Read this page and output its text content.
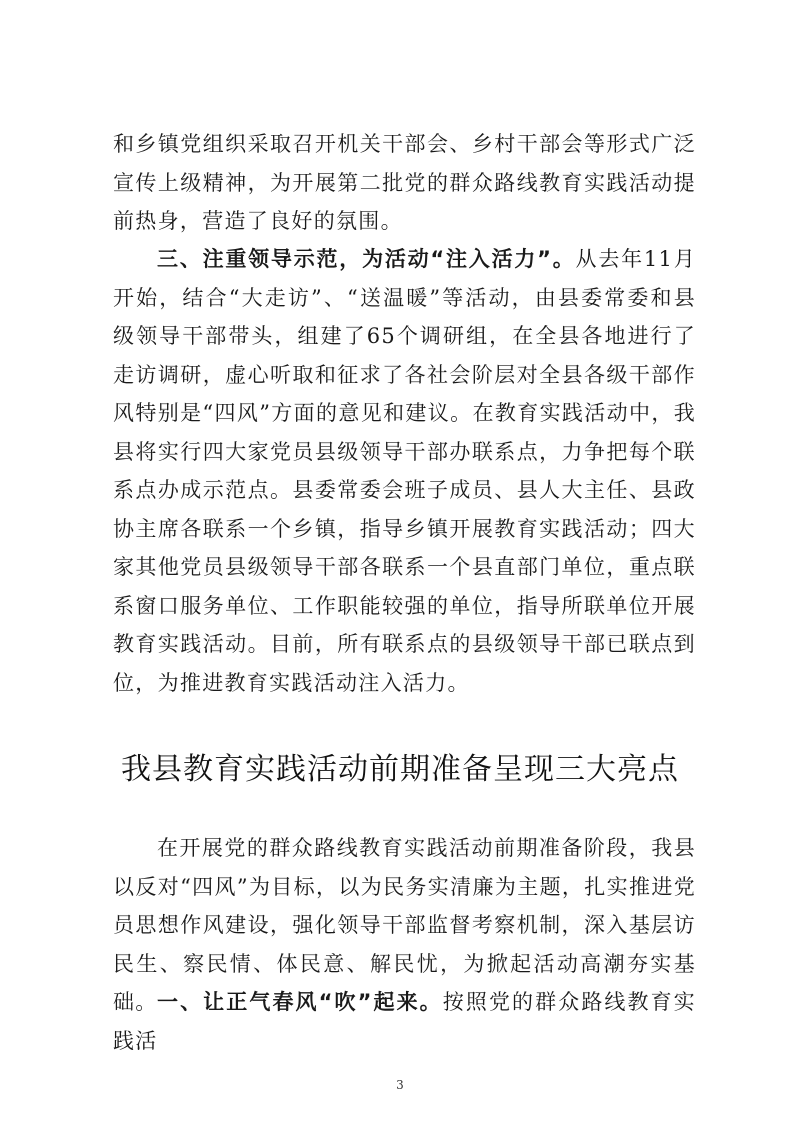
和乡镇党组织采取召开机关干部会、乡村干部会等形式广泛宣传上级精神，为开展第二批党的群众路线教育实践活动提前热身，营造了良好的氛围。

三、注重领导示范，为活动“注入活力”。从去年11月开始，结合“大走访”、“送温暖”等活动，由县委常委和县级领导干部带头，组建了65个调研组，在全县各地进行了走访调研，虚心听取和征求了各社会阶层对全县各级干部作风特别是“四风”方面的意见和建议。在教育实践活动中，我县将实行四大家党员县级领导干部办联系点，力争把每个联系点办成示范点。县委常委会班子成员、县人大主任、县政协主席各联系一个乡镇，指导乡镇开展教育实践活动；四大家其他党员县级领导干部各联系一个县直部门单位，重点联系窗口服务单位、工作职能较强的单位，指导所联单位开展教育实践活动。目前，所有联系点的县级领导干部已联点到位，为推进教育实践活动注入活力。

我县教育实践活动前期准备呈现三大亮点

在开展党的群众路线教育实践活动前期准备阶段，我县以反对“四风”为目标，以为民务实清廉为主题，扎实推进党员思想作风建设，强化领导干部监督考察机制，深入基层访民生、察民情、体民意、解民忧，为掀起活动高潮夯实基础。 一、让正气春风“吹”起来。按照党的群众路线教育实践活

3
